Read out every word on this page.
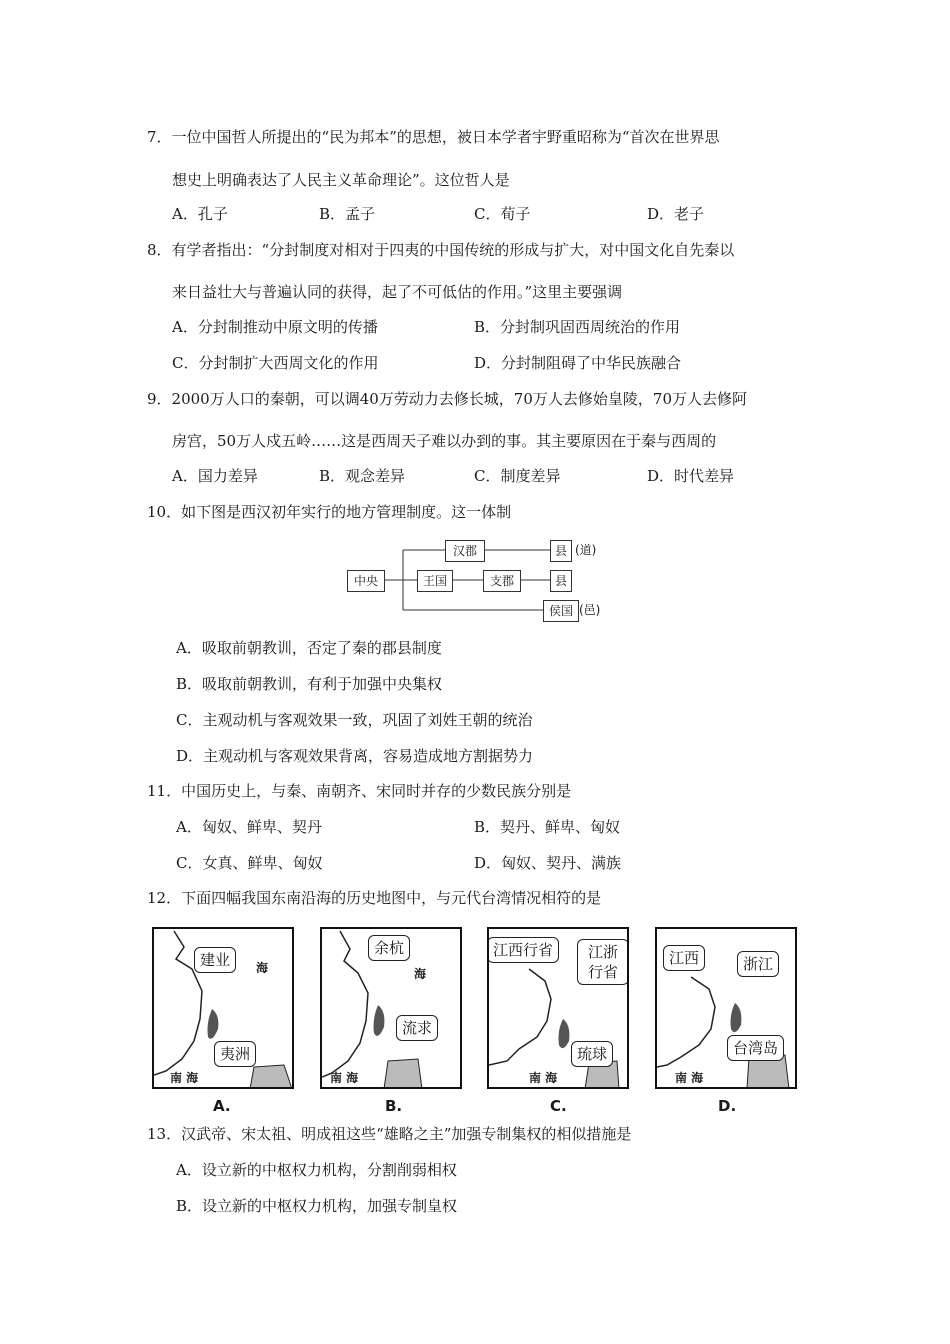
7．一位中国哲人所提出的“民为邦本”的思想，被日本学者宇野重昭称为“首次在世界思
想史上明确表达了人民主义革命理论”。这位哲人是
A．孔子	B．孟子	C．荀子	D．老子
8．有学者指出：“分封制度对相对于四夷的中国传统的形成与扩大，对中国文化自先秦以
来日益壮大与普遍认同的获得，起了不可低估的作用。”这里主要强调
A．分封制推动中原文明的传播	B．分封制巩固西周统治的作用
C．分封制扩大西周文化的作用	D．分封制阻碍了中华民族融合
9．2000万人口的秦朝，可以调40万劳动力去修长城，70万人去修始皇陵，70万人去修阿
房宫，50万人戍五岭……这是西周天子难以办到的事。其主要原因在于秦与西周的
A．国力差异	B．观念差异	C．制度差异	D．时代差异
10．如下图是西汉初年实行的地方管理制度。这一体制
中央
汉郡
王国	支郡
县 (道)
县
侯国 (邑)
A．吸取前朝教训，否定了秦的郡县制度
B．吸取前朝教训，有利于加强中央集权
C．主观动机与客观效果一致，巩固了刘姓王朝的统治
D．主观动机与客观效果背离，容易造成地方割据势力
11．中国历史上，与秦、南朝齐、宋同时并存的少数民族分别是
A．匈奴、鲜卑、契丹	B．契丹、鲜卑、匈奴
C．女真、鲜卑、匈奴	D．匈奴、契丹、满族
12．下面四幅我国东南沿海的历史地图中，与元代台湾情况相符的是
建业
夷洲
海
南 海
A.
余杭
流求
海
南 海
B.
江西行省	江浙行省
琉球
南 海
C.
江西	浙江
台湾岛
南 海
D.
13．汉武帝、宋太祖、明成祖这些“雄略之主”加强专制集权的相似措施是
A．设立新的中枢权力机构，分割削弱相权
B．设立新的中枢权力机构，加强专制皇权
